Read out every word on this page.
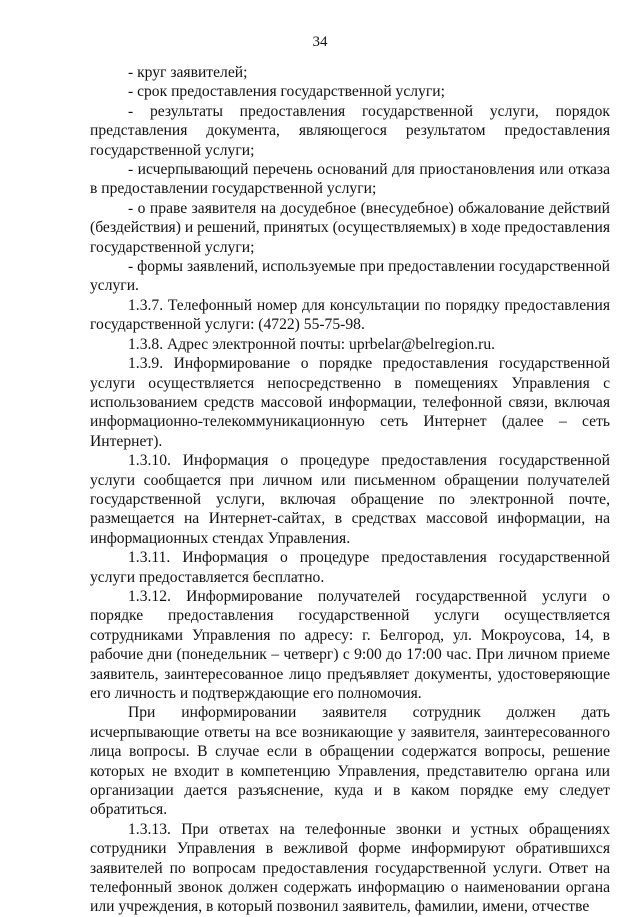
34

- круг заявителей;

- срок предоставления государственной услуги;

- результаты предоставления государственной услуги, порядок представления документа, являющегося результатом предоставления государственной услуги;

- исчерпывающий перечень оснований для приостановления или отказа в предоставлении государственной услуги;

- о праве заявителя на досудебное (внесудебное) обжалование действий (бездействия) и решений, принятых (осуществляемых) в ходе предоставления государственной услуги;

- формы заявлений, используемые при предоставлении государственной услуги.

1.3.7. Телефонный номер для консультации по порядку предоставления государственной услуги: (4722) 55-75-98.

1.3.8. Адрес электронной почты: uprbelar@belregion.ru.

1.3.9. Информирование о порядке предоставления государственной услуги осуществляется непосредственно в помещениях Управления с использованием средств массовой информации, телефонной связи, включая информационно-телекоммуникационную сеть Интернет (далее – сеть Интернет).

1.3.10. Информация о процедуре предоставления государственной услуги сообщается при личном или письменном обращении получателей государственной услуги, включая обращение по электронной почте, размещается на Интернет-сайтах, в средствах массовой информации, на информационных стендах Управления.

1.3.11. Информация о процедуре предоставления государственной услуги предоставляется бесплатно.

1.3.12. Информирование получателей государственной услуги о порядке предоставления государственной услуги осуществляется сотрудниками Управления по адресу: г. Белгород, ул. Мокроусова, 14, в рабочие дни (понедельник – четверг) с 9:00 до 17:00 час. При личном приеме заявитель, заинтересованное лицо предъявляет документы, удостоверяющие его личность и подтверждающие его полномочия.

При информировании заявителя сотрудник должен дать исчерпывающие ответы на все возникающие у заявителя, заинтересованного лица вопросы. В случае если в обращении содержатся вопросы, решение которых не входит в компетенцию Управления, представителю органа или организации дается разъяснение, куда и в каком порядке ему следует обратиться.

1.3.13. При ответах на телефонные звонки и устных обращениях сотрудники Управления в вежливой форме информируют обратившихся заявителей по вопросам предоставления государственной услуги. Ответ на телефонный звонок должен содержать информацию о наименовании органа или учреждения, в который позвонил заявитель, фамилии, имени, отчестве
